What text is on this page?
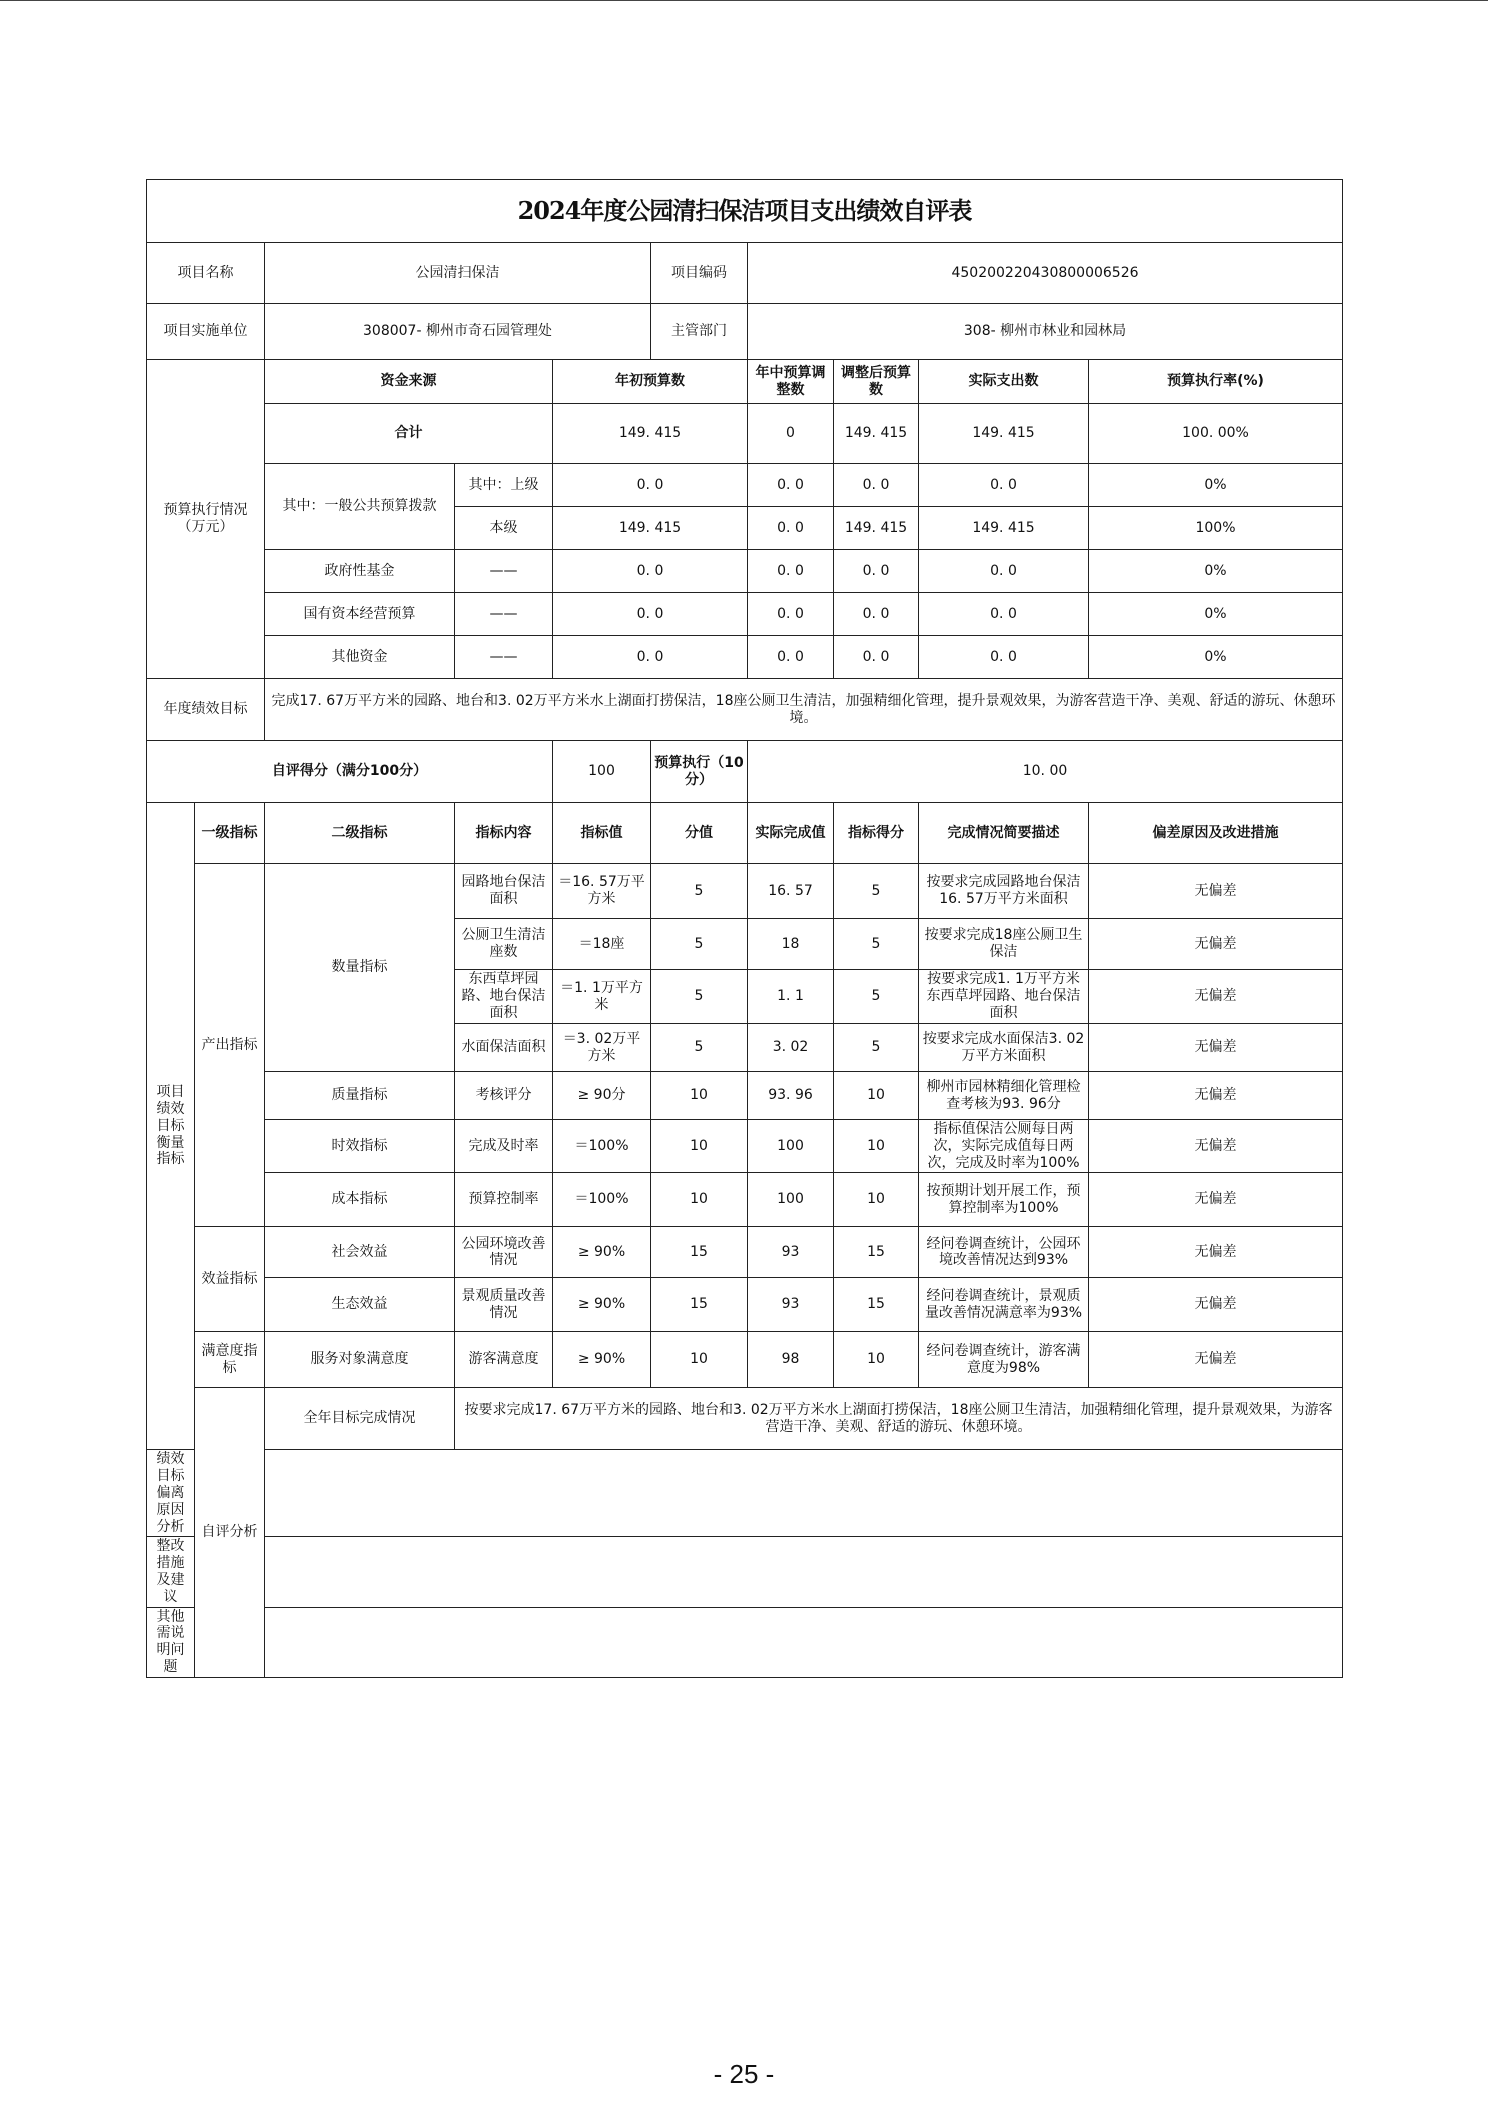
2024年度公园清扫保洁项目支出绩效自评表									
项目名称		公园清扫保洁			项目编码	450200220430800006526			
项目实施单位		308007- 柳州市奇石园管理处			主管部门	308- 柳州市林业和园林局			
预算执行情况（万元）		资金来源		年初预算数		年中预算调整数	调整后预算数	实际支出数	预算执行率(%)
		合计		149. 415		0	149. 415	149. 415	100. 00%
		其中：一般公共预算拨款	其中：上级	0. 0		0. 0	0. 0	0. 0	0%
			本级	149. 415		0. 0	149. 415	149. 415	100%
		政府性基金	——	0. 0		0. 0	0. 0	0. 0	0%
		国有资本经营预算	——	0. 0		0. 0	0. 0	0. 0	0%
		其他资金	——	0. 0		0. 0	0. 0	0. 0	0%
年度绩效目标		完成17. 67万平方米的园路、地台和3. 02万平方米水上湖面打捞保洁，18座公厕卫生清洁，加强精细化管理，提升景观效果，为游客营造干净、美观、舒适的游玩、休憩环境。							
自评得分（满分100分）				100	预算执行（10分）	10. 00			
项目绩效目标衡量指标	一级指标	二级指标	指标内容	指标值	分值	实际完成值	指标得分	完成情况简要描述	偏差原因及改进措施
	产出指标	数量指标	园路地台保洁面积	＝16. 57万平方米	5	16. 57	5	按要求完成园路地台保洁16. 57万平方米面积	无偏差
			公厕卫生清洁座数	＝18座	5	18	5	按要求完成18座公厕卫生保洁	无偏差
			东西草坪园路、地台保洁面积	＝1. 1万平方米	5	1. 1	5	按要求完成1. 1万平方米东西草坪园路、地台保洁面积	无偏差
			水面保洁面积	＝3. 02万平方米	5	3. 02	5	按要求完成水面保洁3. 02万平方米面积	无偏差
		质量指标	考核评分	≥ 90分	10	93. 96	10	柳州市园林精细化管理检查考核为93. 96分	无偏差
		时效指标	完成及时率	＝100%	10	100	10	指标值保洁公厕每日两次，实际完成值每日两次，完成及时率为100%	无偏差
		成本指标	预算控制率	＝100%	10	100	10	按预期计划开展工作，预算控制率为100%	无偏差
	效益指标	社会效益	公园环境改善情况	≥ 90%	15	93	15	经问卷调查统计，公园环境改善情况达到93%	无偏差
		生态效益	景观质量改善情况	≥ 90%	15	93	15	经问卷调查统计，景观质量改善情况满意率为93%	无偏差
	满意度指标	服务对象满意度	游客满意度	≥ 90%	10	98	10	经问卷调查统计，游客满意度为98%	无偏差
	自评分析	全年目标完成情况	按要求完成17. 67万平方米的园路、地台和3. 02万平方米水上湖面打捞保洁，18座公厕卫生清洁，加强精细化管理，提升景观效果，为游客营造干净、美观、舒适的游玩、休憩环境。						
绩效目标偏离原因分析									
整改措施及建议									
其他需说明问题									
- 25 -
